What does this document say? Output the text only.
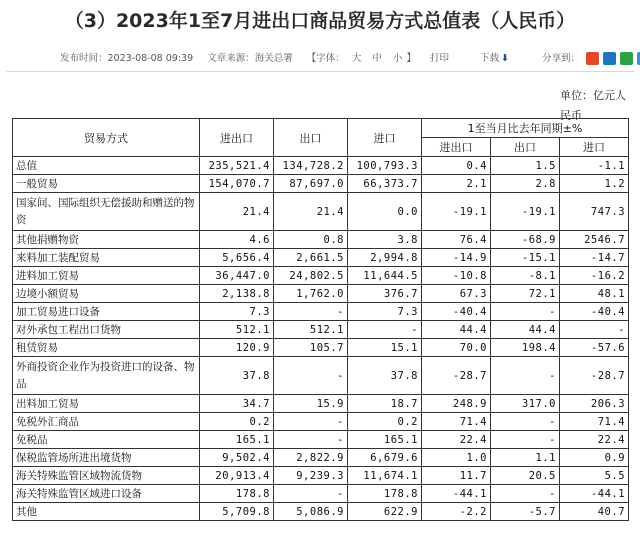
（3）2023年1至7月进出口商品贸易方式总值表（人民币）
发布时间：2023-08-08 09:39 文章来源：海关总署 【字体： 大 中 小 】 打印	下载 ⬇	分享到：
单位：亿元人民币
贸易方式	进出口	出口	进口	1至当月比去年同期±%		
				进出口	出口	进口
总值	235,521.4	134,728.2	100,793.3	0.4	1.5	-1.1
一般贸易	154,070.7	87,697.0	66,373.7	2.1	2.8	1.2
国家间、国际组织无偿援助和赠送的物资	21.4	21.4	0.0	-19.1	-19.1	747.3
其他捐赠物资	4.6	0.8	3.8	76.4	-68.9	2546.7
来料加工装配贸易	5,656.4	2,661.5	2,994.8	-14.9	-15.1	-14.7
进料加工贸易	36,447.0	24,802.5	11,644.5	-10.8	-8.1	-16.2
边境小额贸易	2,138.8	1,762.0	376.7	67.3	72.1	48.1
加工贸易进口设备	7.3	-	7.3	-40.4	-	-40.4
对外承包工程出口货物	512.1	512.1	-	44.4	44.4	-
租赁贸易	120.9	105.7	15.1	70.0	198.4	-57.6
外商投资企业作为投资进口的设备、物品	37.8	-	37.8	-28.7	-	-28.7
出料加工贸易	34.7	15.9	18.7	248.9	317.0	206.3
免税外汇商品	0.2	-	0.2	71.4	-	71.4
免税品	165.1	-	165.1	22.4	-	22.4
保税监管场所进出境货物	9,502.4	2,822.9	6,679.6	1.0	1.1	0.9
海关特殊监管区域物流货物	20,913.4	9,239.3	11,674.1	11.7	20.5	5.5
海关特殊监管区域进口设备	178.8	-	178.8	-44.1	-	-44.1
其他	5,709.8	5,086.9	622.9	-2.2	-5.7	40.7
